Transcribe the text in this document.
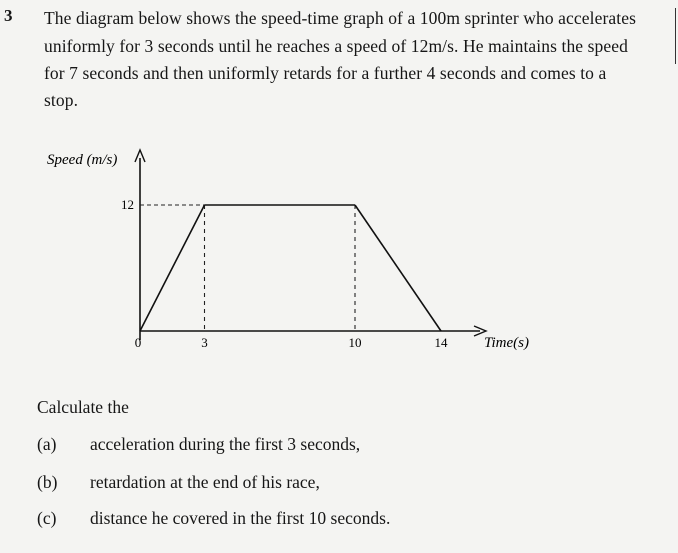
3 The diagram below shows the speed-time graph of a 100m sprinter who accelerates
uniformly for 3 seconds until he reaches a speed of 12m/s. He maintains the speed
for 7 seconds and then uniformly retards for a further 4 seconds and comes to a
stop.
Speed (m/s)
Time(s)
0	3	10	14
12
Calculate the
(a) acceleration during the first 3 seconds,
(b) retardation at the end of his race,
(c) distance he covered in the first 10 seconds.
